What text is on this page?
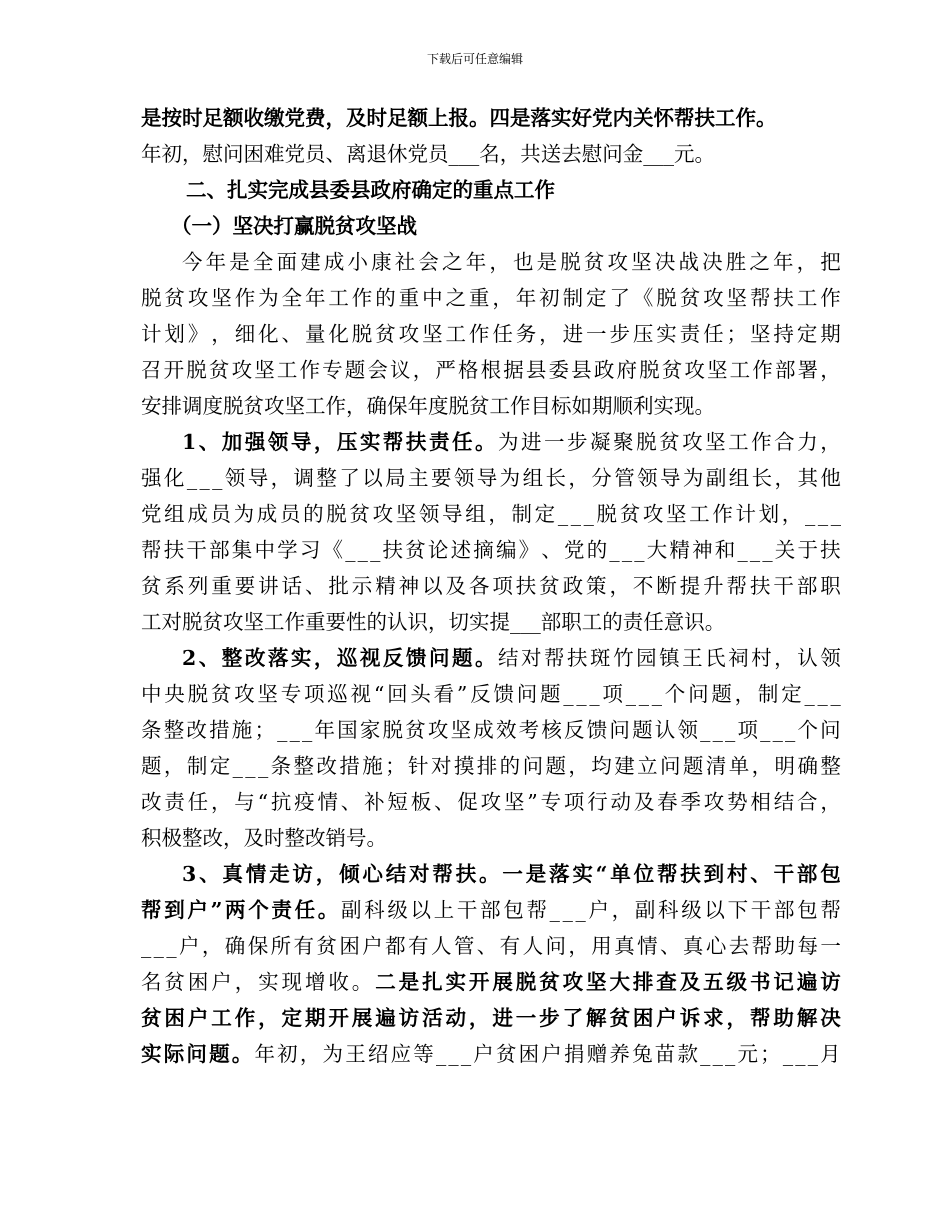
下载后可任意编辑
是按时足额收缴党费，及时足额上报。四是落实好党内关怀帮扶工作。
年初，慰问困难党员、离退休党员___名，共送去慰问金___元。
二、扎实完成县委县政府确定的重点工作
（一）坚决打赢脱贫攻坚战
今 年 是 全 面 建 成 小 康 社 会 之 年 ， 也 是 脱 贫 攻 坚 决 战 决 胜 之 年 ， 把
脱 贫 攻 坚 作 为 全 年 工 作 的 重 中 之 重 ， 年 初 制 定 了 《 脱 贫 攻 坚 帮 扶 工 作
计 划 》 ， 细 化 、 量 化 脱 贫 攻 坚 工 作 任 务 ， 进 一 步 压 实 责 任 ； 坚 持 定 期
召 开 脱 贫 攻 坚 工 作 专 题 会 议 ， 严 格 根 据 县 委 县 政 府 脱 贫 攻 坚 工 作 部 署 ，
安排调度脱贫攻坚工作，确保年度脱贫工作目标如期顺利实现。
1 、 加 强 领 导 ， 压 实 帮 扶 责 任 。 为 进 一 步 凝 聚 脱 贫 攻 坚 工 作 合 力 ，
强 化 _ _ _ 领 导 ， 调 整 了 以 局 主 要 领 导 为 组 长 ， 分 管 领 导 为 副 组 长 ， 其 他
党 组 成 员 为 成 员 的 脱 贫 攻 坚 领 导 组 ， 制 定 _ _ _ 脱 贫 攻 坚 工 作 计 划 ， _ _ _
帮 扶 干 部 集 中 学 习 《 _ _ _ 扶 贫 论 述 摘 编 》 、 党 的 _ _ _ 大 精 神 和 _ _ _ 关 于 扶
贫 系 列 重 要 讲 话 、 批 示 精 神 以 及 各 项 扶 贫 政 策 ， 不 断 提 升 帮 扶 干 部 职
工对脱贫攻坚工作重要性的认识，切实提___部职工的责任意识。
2 、 整 改 落 实 ， 巡 视 反 馈 问 题 。 结 对 帮 扶 斑 竹 园 镇 王 氏 祠 村 ， 认 领
中 央 脱 贫 攻 坚 专 项 巡 视 “ 回 头 看 ” 反 馈 问 题 _ _ _ 项 _ _ _ 个 问 题 ， 制 定 _ _ _
条 整 改 措 施 ； _ _ _ 年 国 家 脱 贫 攻 坚 成 效 考 核 反 馈 问 题 认 领 _ _ _ 项 _ _ _ 个 问
题 ， 制 定 _ _ _ 条 整 改 措 施 ； 针 对 摸 排 的 问 题 ， 均 建 立 问 题 清 单 ， 明 确 整
改 责 任 ， 与 “ 抗 疫 情 、 补 短 板 、 促 攻 坚 ” 专 项 行 动 及 春 季 攻 势 相 结 合 ，
积极整改，及时整改销号。
3 、 真 情 走 访 ， 倾 心 结 对 帮 扶 。 一 是 落 实 “ 单 位 帮 扶 到 村 、 干 部 包
帮 到 户 ” 两 个 责 任 。 副 科 级 以 上 干 部 包 帮 _ _ _ 户 ， 副 科 级 以 下 干 部 包 帮
_ _ _ 户 ， 确 保 所 有 贫 困 户 都 有 人 管 、 有 人 问 ， 用 真 情 、 真 心 去 帮 助 每 一
名 贫 困 户 ， 实 现 增 收 。 二 是 扎 实 开 展 脱 贫 攻 坚 大 排 查 及 五 级 书 记 遍 访
贫 困 户 工 作 ， 定 期 开 展 遍 访 活 动 ， 进 一 步 了 解 贫 困 户 诉 求 ， 帮 助 解 决
实 际 问 题 。 年 初 ， 为 王 绍 应 等 _ _ _ 户 贫 困 户 捐 赠 养 兔 苗 款 _ _ _ 元 ； _ _ _ 月
